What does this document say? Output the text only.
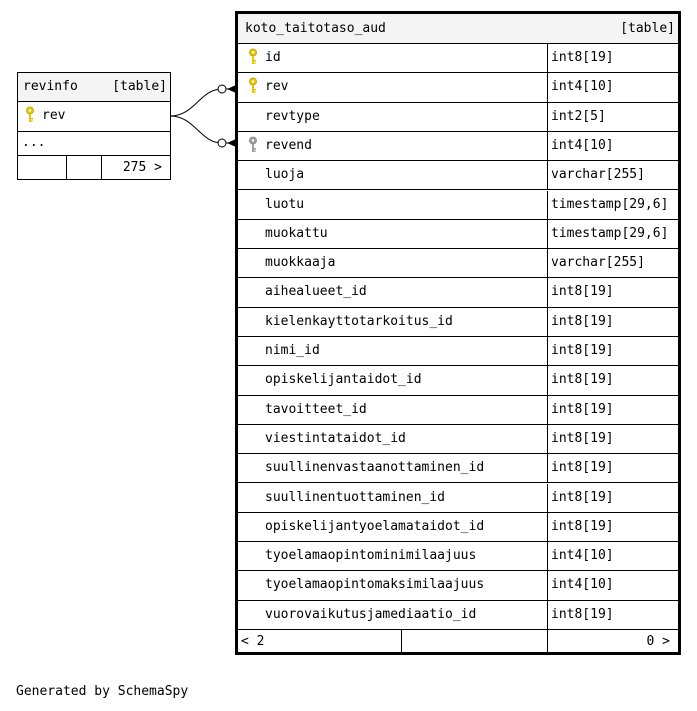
revinfo	[table]
rev
...
275 >
koto_taitotaso_aud	[table]
id	int8[19]
rev	int4[10]
revtype	int2[5]
revend	int4[10]
luoja	varchar[255]
luotu	timestamp[29,6]
muokattu	timestamp[29,6]
muokkaaja	varchar[255]
aihealueet_id	int8[19]
kielenkayttotarkoitus_id	int8[19]
nimi_id	int8[19]
opiskelijantaidot_id	int8[19]
tavoitteet_id	int8[19]
viestintataidot_id	int8[19]
suullinenvastaanottaminen_id	int8[19]
suullinentuottaminen_id	int8[19]
opiskelijantyoelamataidot_id	int8[19]
tyoelamaopintominimilaajuus	int4[10]
tyoelamaopintomaksimilaajuus	int4[10]
vuorovaikutusjamediaatio_id	int8[19]
< 2	0 >
Generated by SchemaSpy
